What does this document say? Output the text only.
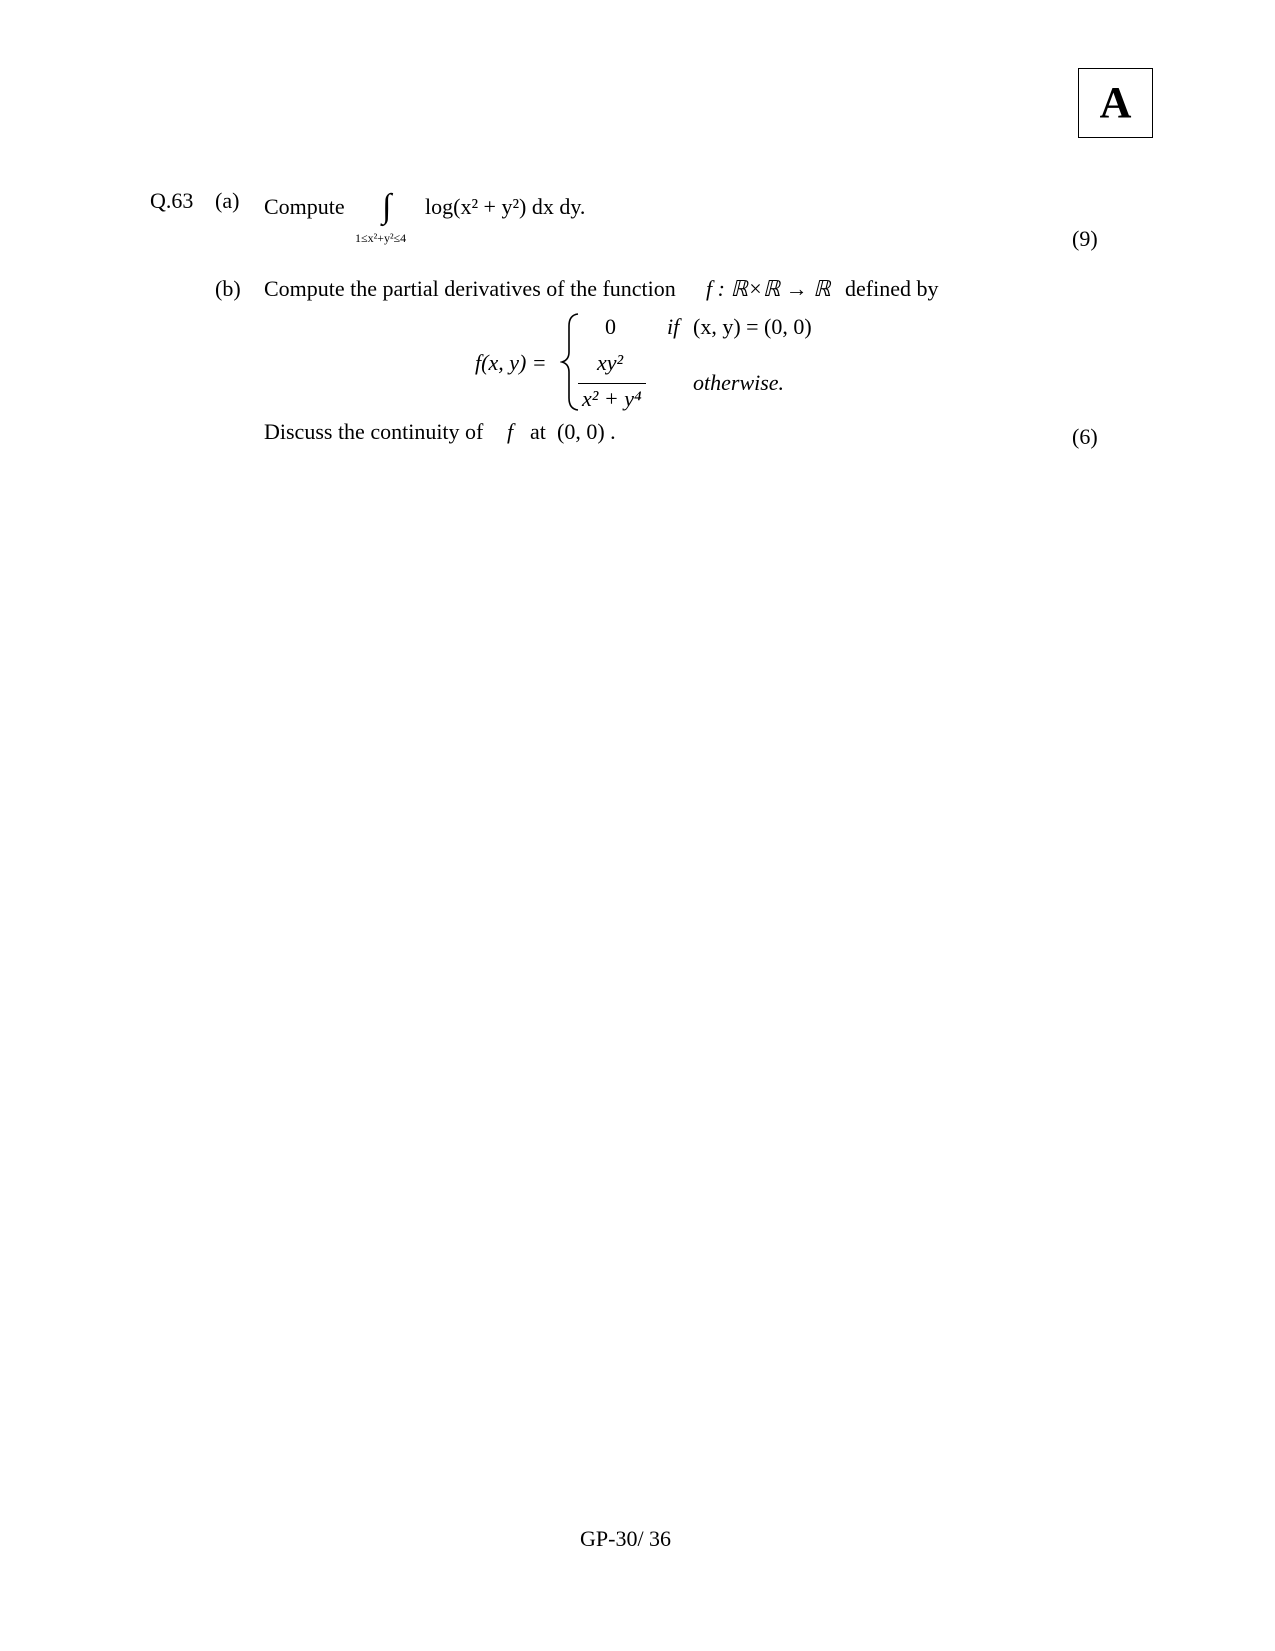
A
Q.63 (a) Compute ∫
1≤x²+y²≤4
log(x² + y²) dx dy.
(9)
(b) Compute the partial derivatives of the function f : ℝ×ℝ → ℝ defined by
f(x, y) =
0 if (x, y) = (0, 0)
xy²
x² + y⁴
otherwise.
Discuss the continuity of f at (0, 0) .	(6)
GP-30/ 36
